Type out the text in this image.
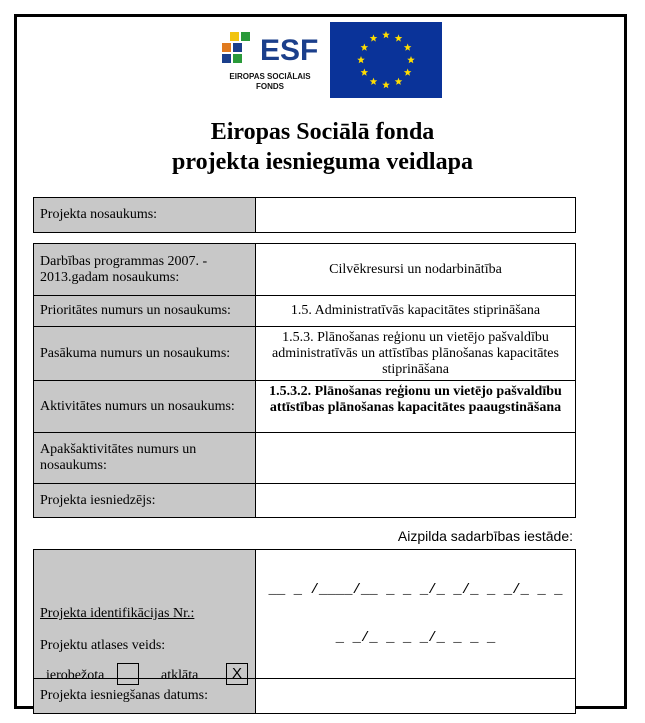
ESF
EIROPAS SOCIĀLAIS
FONDS
Eiropas Sociālā fonda
projekta iesnieguma veidlapa
Projekta nosaukums:	
Darbības programmas 2007. - 2013.gadam nosaukums:	Cilvēkresursi un nodarbinātība
Prioritātes numurs un nosaukums:	1.5. Administratīvās kapacitātes stiprināšana
Pasākuma numurs un nosaukums:	1.5.3. Plānošanas reģionu un vietējo pašvaldību administratīvās un attīstības plānošanas kapacitātes stiprināšana
Aktivitātes numurs un nosaukums:	1.5.3.2. Plānošanas reģionu un vietējo pašvaldību attīstības plānošanas kapacitātes paaugstināšana
Apakšaktivitātes numurs un nosaukums:	
Projekta iesniedzējs:	
Aizpilda sadarbības iestāde:
Projekta identifikācijas Nr.:	__ _ /____/__ _ _ _/_ _/_ _ _/_ _ _

_ _/_ _ _ _/_ _ _ _

Projekta iesniegšanas datums:	
Projektu atlases veids:
ierobežota	atklāta	X
